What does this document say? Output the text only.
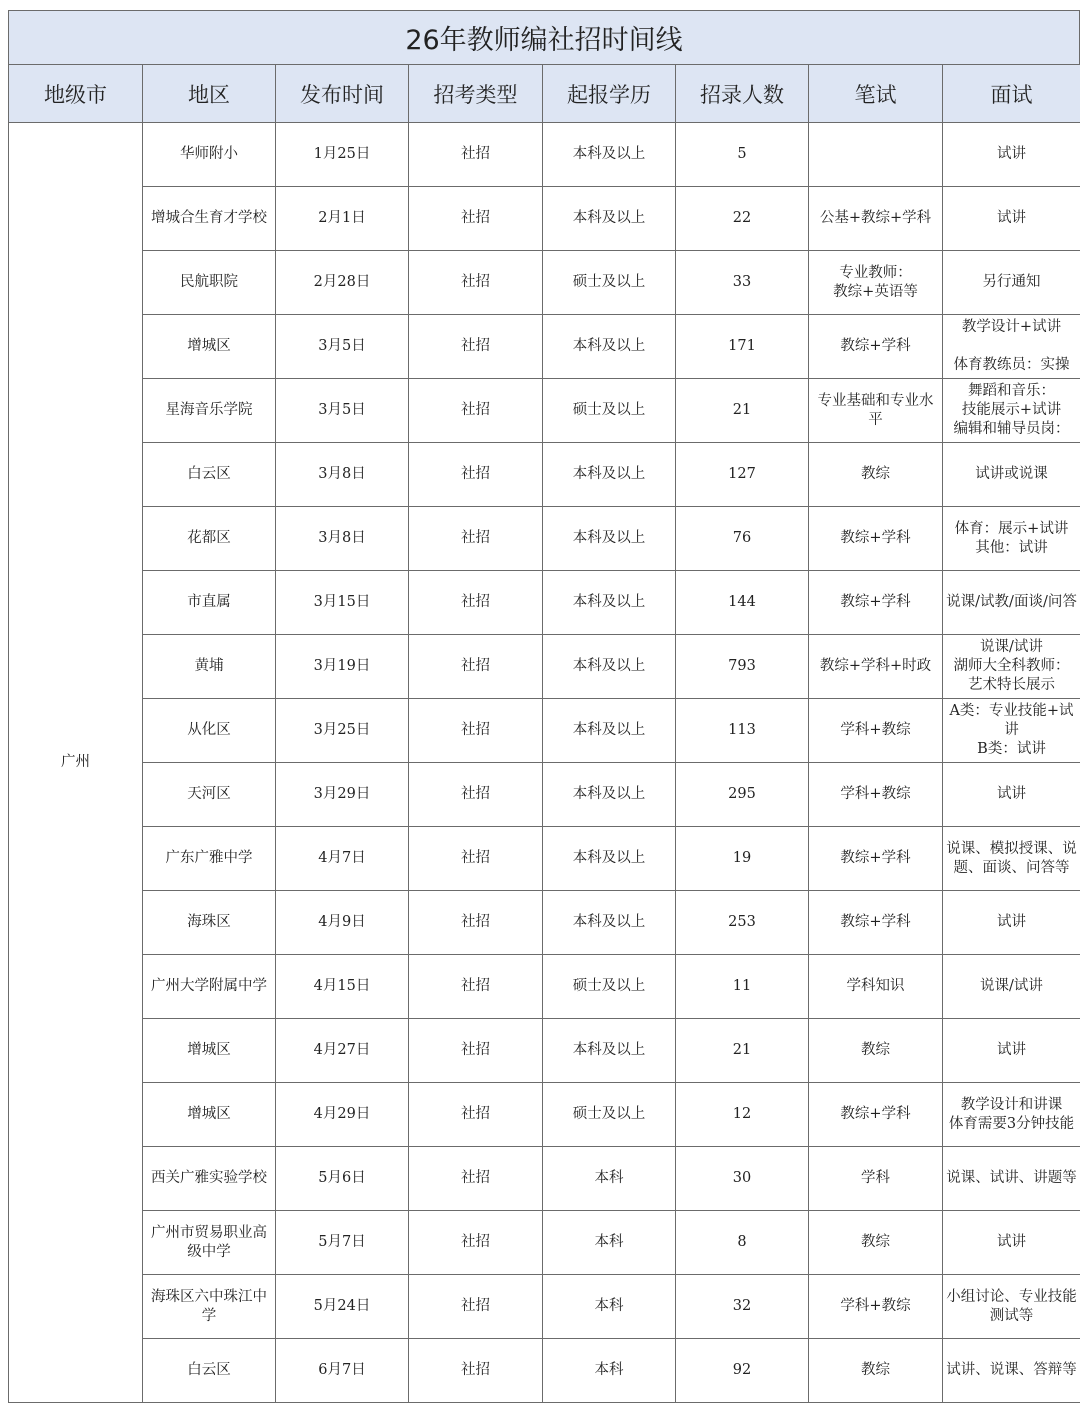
26年教师编社招时间线
地级市	地区	发布时间	招考类型	起报学历	招录人数	笔试	面试
广州	华师附小	1月25日	社招	本科及以上	5		试讲

	增城合生育才学校	2月1日	社招	本科及以上	22	公基+教综+学科	试讲

	民航职院	2月28日	社招	硕士及以上	33	专业教师：
教综+英语等	另行通知

	增城区	3月5日	社招	本科及以上	171	教综+学科	教学设计+试讲

体育教练员：实操

	星海音乐学院	3月5日	社招	硕士及以上	21	专业基础和专业水平	舞蹈和音乐：
技能展示+试讲
编辑和辅导员岗：

	白云区	3月8日	社招	本科及以上	127	教综	试讲或说课

	花都区	3月8日	社招	本科及以上	76	教综+学科	体育：展示+试讲
其他：试讲

	市直属	3月15日	社招	本科及以上	144	教综+学科	说课/试教/面谈/问答

	黄埔	3月19日	社招	本科及以上	793	教综+学科+时政	说课/试讲
湖师大全科教师：
艺术特长展示

	从化区	3月25日	社招	本科及以上	113	学科+教综	A类：专业技能+试讲
B类：试讲

	天河区	3月29日	社招	本科及以上	295	学科+教综	试讲

	广东广雅中学	4月7日	社招	本科及以上	19	教综+学科	说课、模拟授课、说题、面谈、问答等

	海珠区	4月9日	社招	本科及以上	253	教综+学科	试讲

	广州大学附属中学	4月15日	社招	硕士及以上	11	学科知识	说课/试讲

	增城区	4月27日	社招	本科及以上	21	教综	试讲

	增城区	4月29日	社招	硕士及以上	12	教综+学科	教学设计和讲课
体育需要3分钟技能

	西关广雅实验学校	5月6日	社招	本科	30	学科	说课、试讲、讲题等

	广州市贸易职业高级中学	5月7日	社招	本科	8	教综	试讲

	海珠区六中珠江中学	5月24日	社招	本科	32	学科+教综	小组讨论、专业技能测试等

	白云区	6月7日	社招	本科	92	教综	试讲、说课、答辩等
